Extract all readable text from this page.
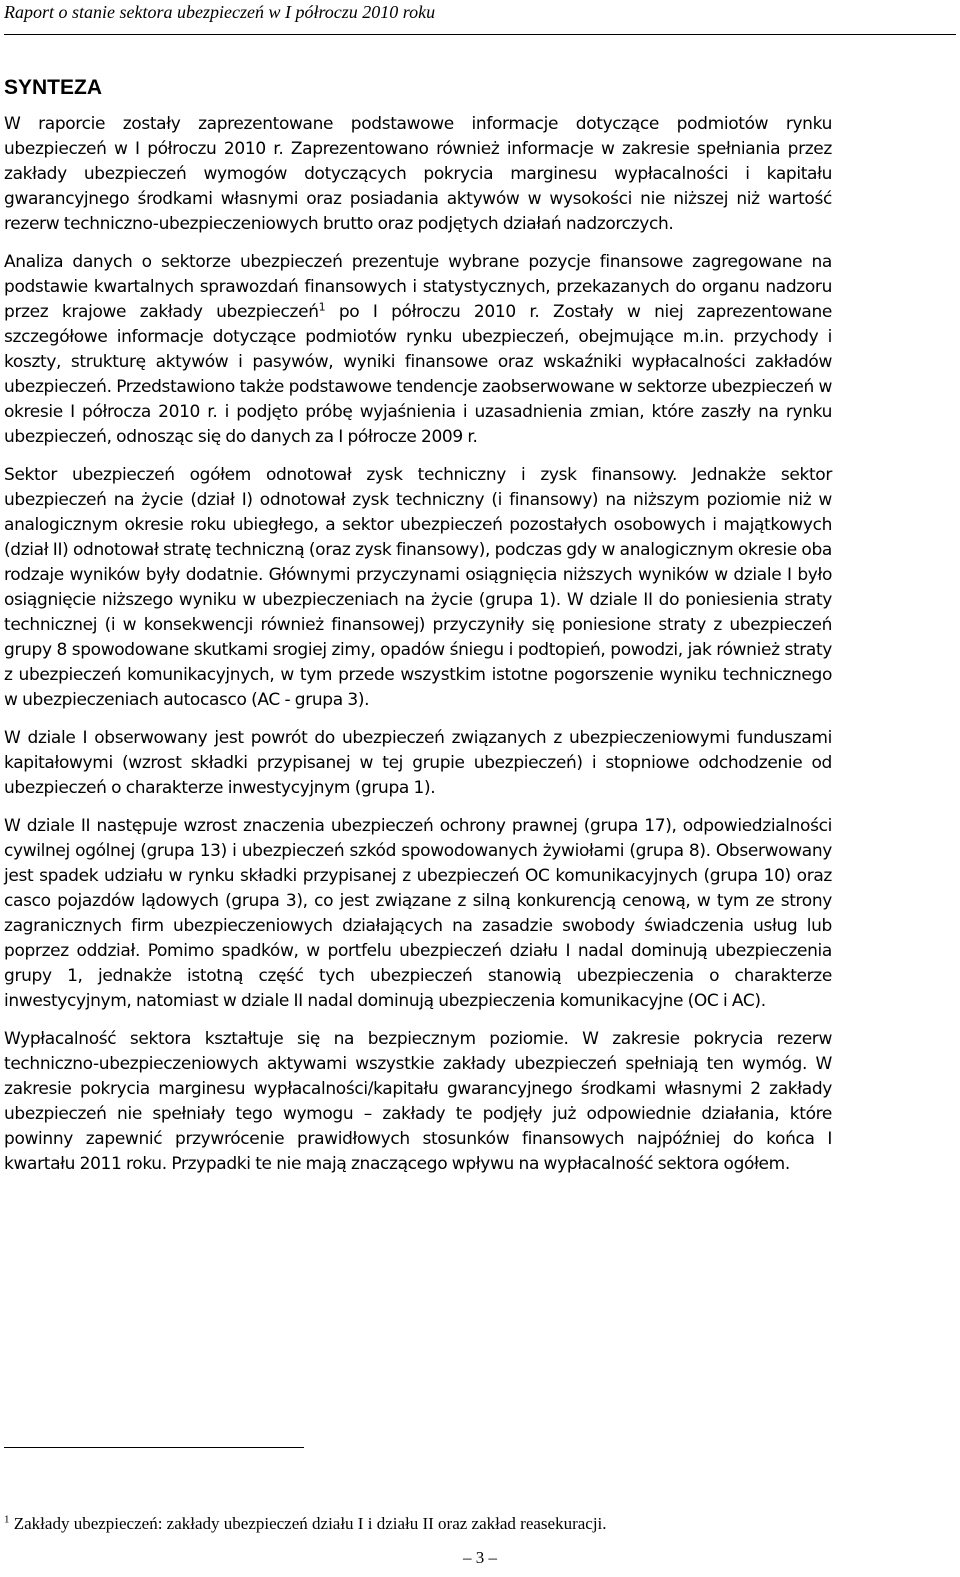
Raport o stanie sektora ubezpieczeń w I półroczu 2010 roku
SYNTEZA

W raporcie zostały zaprezentowane podstawowe informacje dotyczące podmiotów rynku ubezpieczeń w I półroczu 2010 r. Zaprezentowano również informacje w zakresie spełniania przez zakłady ubezpieczeń wymogów dotyczących pokrycia marginesu wypłacalności i kapitału gwarancyjnego środkami własnymi oraz posiadania aktywów w wysokości nie niższej niż wartość rezerw techniczno-ubezpieczeniowych brutto oraz podjętych działań nadzorczych.

Analiza danych o sektorze ubezpieczeń prezentuje wybrane pozycje finansowe zagregowane na podstawie kwartalnych sprawozdań finansowych i statystycznych, przekazanych do organu nadzoru przez krajowe zakłady ubezpieczeń$^1$ po I półroczu 2010 r. Zostały w niej zaprezentowane szczegółowe informacje dotyczące podmiotów rynku ubezpieczeń, obejmujące m.in. przychody i koszty, strukturę aktywów i pasywów, wyniki finansowe oraz wskaźniki wypłacalności zakładów ubezpieczeń. Przedstawiono także podstawowe tendencje zaobserwowane w sektorze ubezpieczeń w okresie I półrocza 2010 r. i podjęto próbę wyjaśnienia i uzasadnienia zmian, które zaszły na rynku ubezpieczeń, odnosząc się do danych za I półrocze 2009 r.

Sektor ubezpieczeń ogółem odnotował zysk techniczny i zysk finansowy. Jednakże sektor ubezpieczeń na życie (dział I) odnotował zysk techniczny (i finansowy) na niższym poziomie niż w analogicznym okresie roku ubiegłego, a sektor ubezpieczeń pozostałych osobowych i majątkowych (dział II) odnotował stratę techniczną (oraz zysk finansowy), podczas gdy w analogicznym okresie oba rodzaje wyników były dodatnie. Głównymi przyczynami osiągnięcia niższych wyników w dziale I było osiągnięcie niższego wyniku w ubezpieczeniach na życie (grupa 1). W dziale II do poniesienia straty technicznej (i w konsekwencji również finansowej) przyczyniły się poniesione straty z ubezpieczeń grupy 8 spowodowane skutkami srogiej zimy, opadów śniegu i podtopień, powodzi, jak również straty z ubezpieczeń komunikacyjnych, w tym przede wszystkim istotne pogorszenie wyniku technicznego w ubezpieczeniach autocasco (AC - grupa 3).

W dziale I obserwowany jest powrót do ubezpieczeń związanych z ubezpieczeniowymi funduszami kapitałowymi (wzrost składki przypisanej w tej grupie ubezpieczeń) i stopniowe odchodzenie od ubezpieczeń o charakterze inwestycyjnym (grupa 1).

W dziale II następuje wzrost znaczenia ubezpieczeń ochrony prawnej (grupa 17), odpowiedzialności cywilnej ogólnej (grupa 13) i ubezpieczeń szkód spowodowanych żywiołami (grupa 8). Obserwowany jest spadek udziału w rynku składki przypisanej z ubezpieczeń OC komunikacyjnych (grupa 10) oraz casco pojazdów lądowych (grupa 3), co jest związane z silną konkurencją cenową, w tym ze strony zagranicznych firm ubezpieczeniowych działających na zasadzie swobody świadczenia usług lub poprzez oddział. Pomimo spadków, w portfelu ubezpieczeń działu I nadal dominują ubezpieczenia grupy 1, jednakże istotną część tych ubezpieczeń stanowią ubezpieczenia o charakterze inwestycyjnym, natomiast w dziale II nadal dominują ubezpieczenia komunikacyjne (OC i AC).

Wypłacalność sektora kształtuje się na bezpiecznym poziomie. W zakresie pokrycia rezerw techniczno-ubezpieczeniowych aktywami wszystkie zakłady ubezpieczeń spełniają ten wymóg. W zakresie pokrycia marginesu wypłacalności/kapitału gwarancyjnego środkami własnymi 2 zakłady ubezpieczeń nie spełniały tego wymogu – zakłady te podjęły już odpowiednie działania, które powinny zapewnić przywrócenie prawidłowych stosunków finansowych najpóźniej do końca I kwartału 2011 roku. Przypadki te nie mają znaczącego wpływu na wypłacalność sektora ogółem.

$^1$ Zakłady ubezpieczeń: zakłady ubezpieczeń działu I i działu II oraz zakład reasekuracji.
– 3 –
